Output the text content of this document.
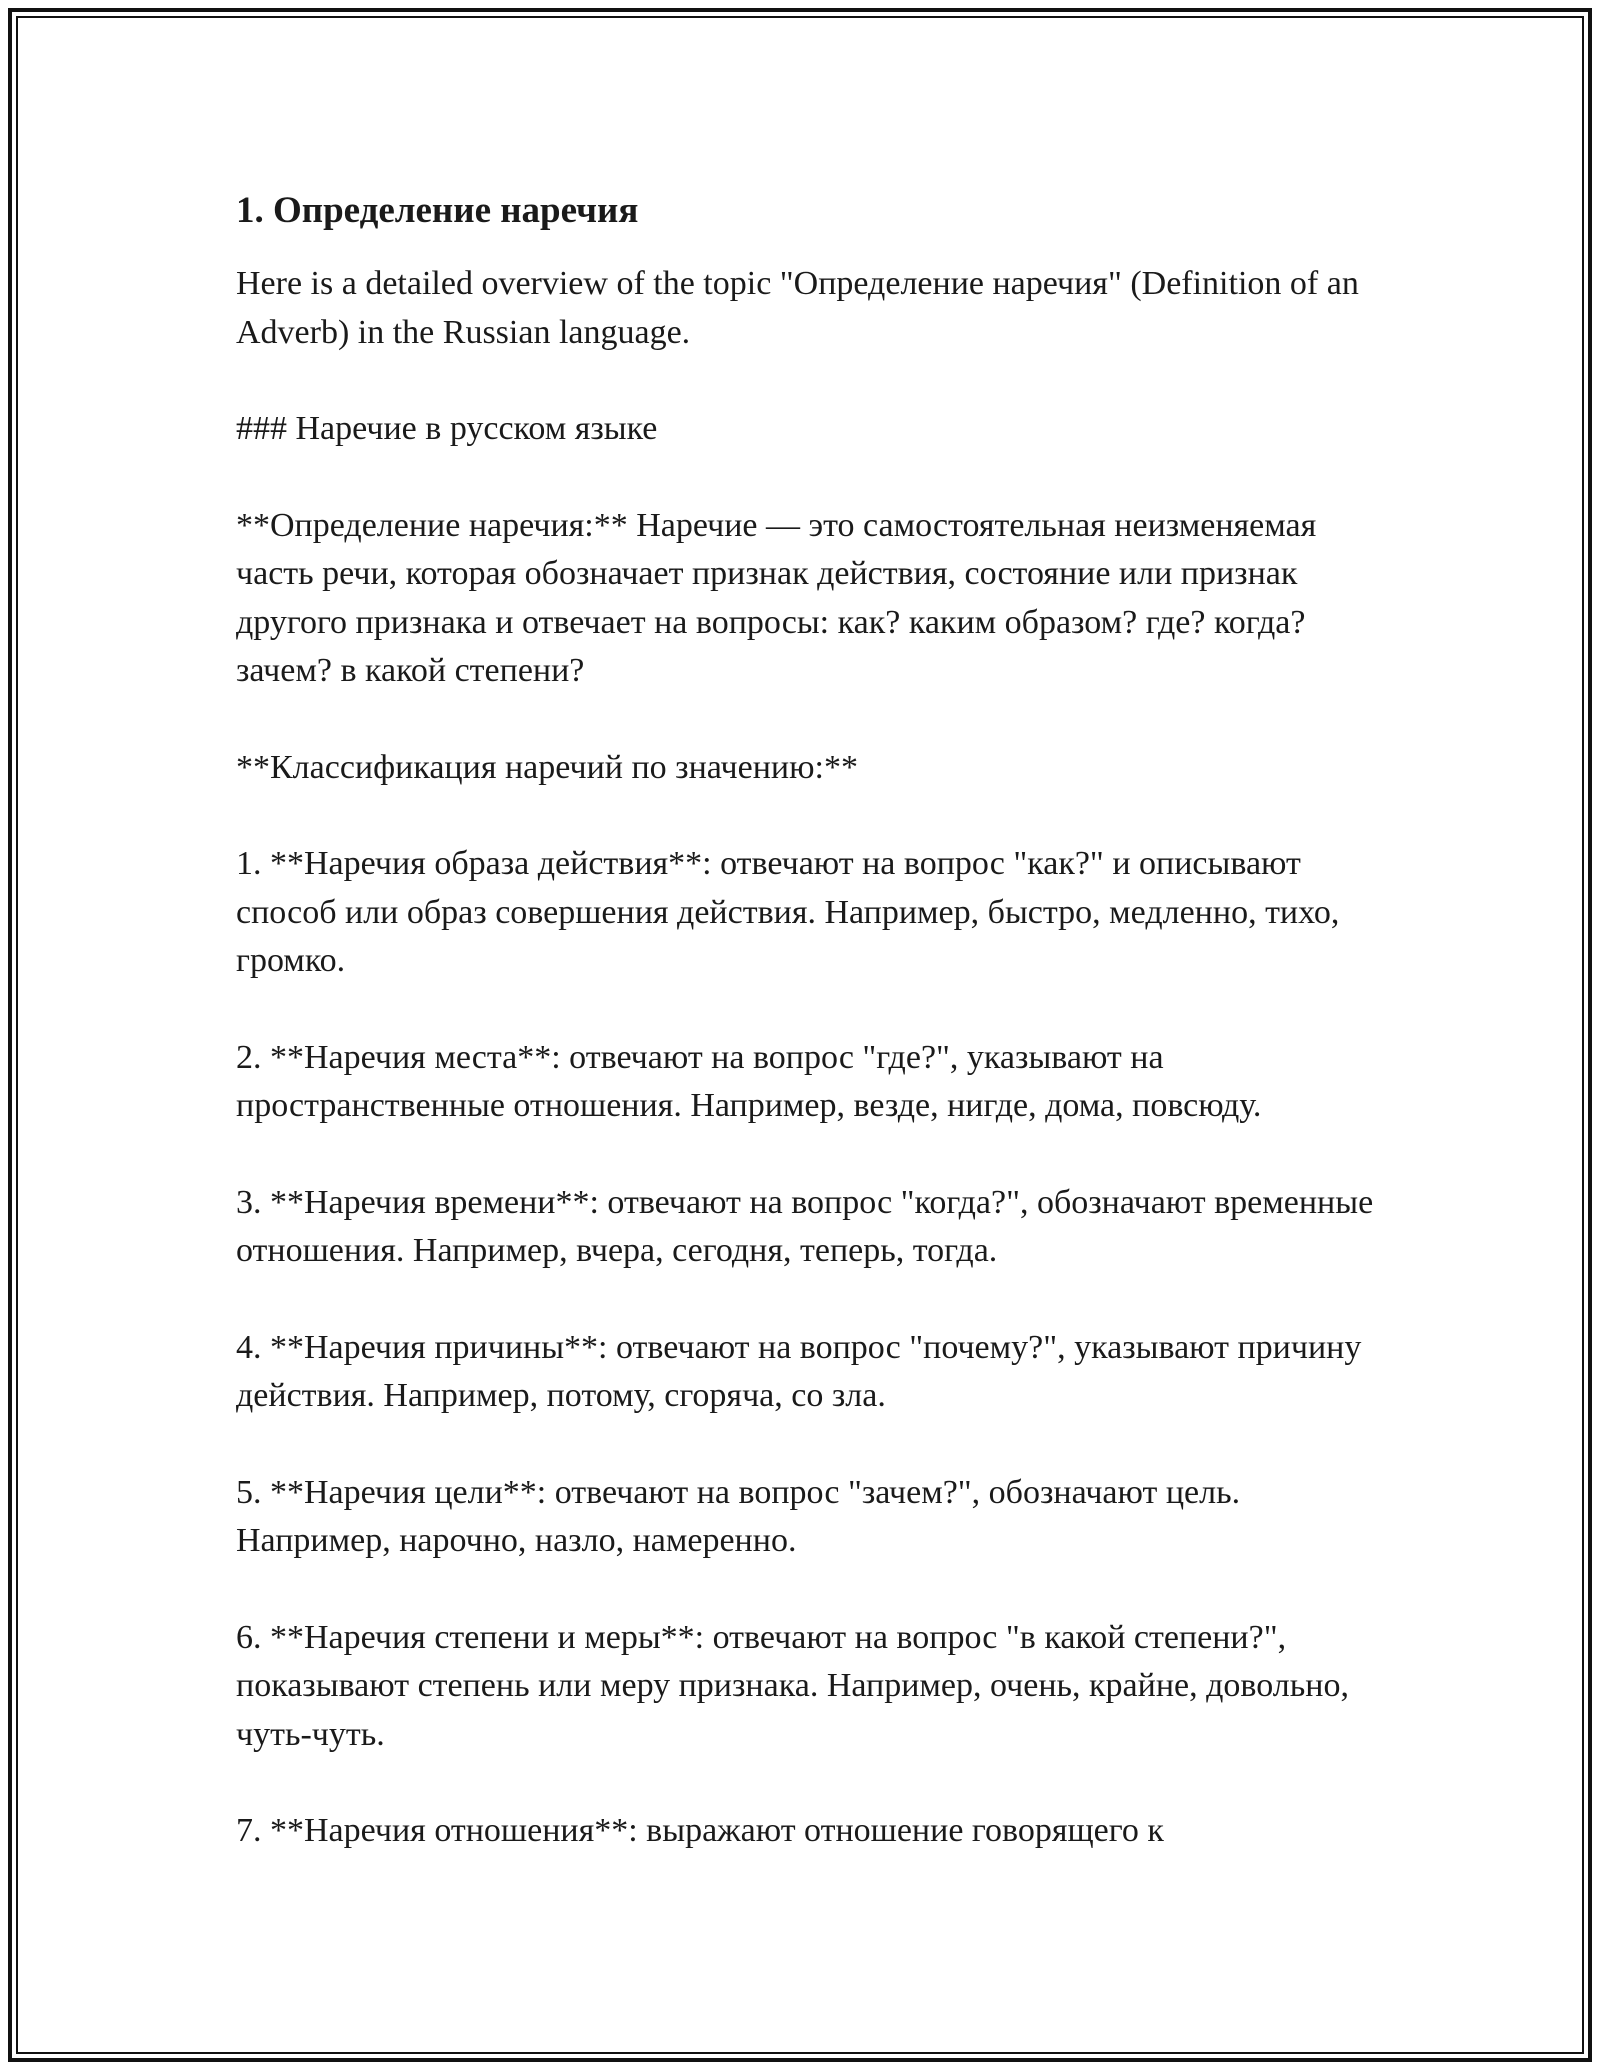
1. Определение наречия

Here is a detailed overview of the topic "Определение наречия" (Definition of an Adverb) in the Russian language.

### Наречие в русском языке

**Определение наречия:** Наречие — это самостоятельная неизменяемая часть речи, которая обозначает признак действия, состояние или признак другого признака и отвечает на вопросы: как? каким образом? где? когда? зачем? в какой степени?

**Классификация наречий по значению:**

1. **Наречия образа действия**: отвечают на вопрос "как?" и описывают способ или образ совершения действия. Например, быстро, медленно, тихо, громко.

2. **Наречия места**: отвечают на вопрос "где?", указывают на пространственные отношения. Например, везде, нигде, дома, повсюду.

3. **Наречия времени**: отвечают на вопрос "когда?", обозначают временные отношения. Например, вчера, сегодня, теперь, тогда.

4. **Наречия причины**: отвечают на вопрос "почему?", указывают причину действия. Например, потому, сгоряча, со зла.

5. **Наречия цели**: отвечают на вопрос "зачем?", обозначают цель. Например, нарочно, назло, намеренно.

6. **Наречия степени и меры**: отвечают на вопрос "в какой степени?", показывают степень или меру признака. Например, очень, крайне, довольно, чуть-чуть.

7. **Наречия отношения**: выражают отношение говорящего к
